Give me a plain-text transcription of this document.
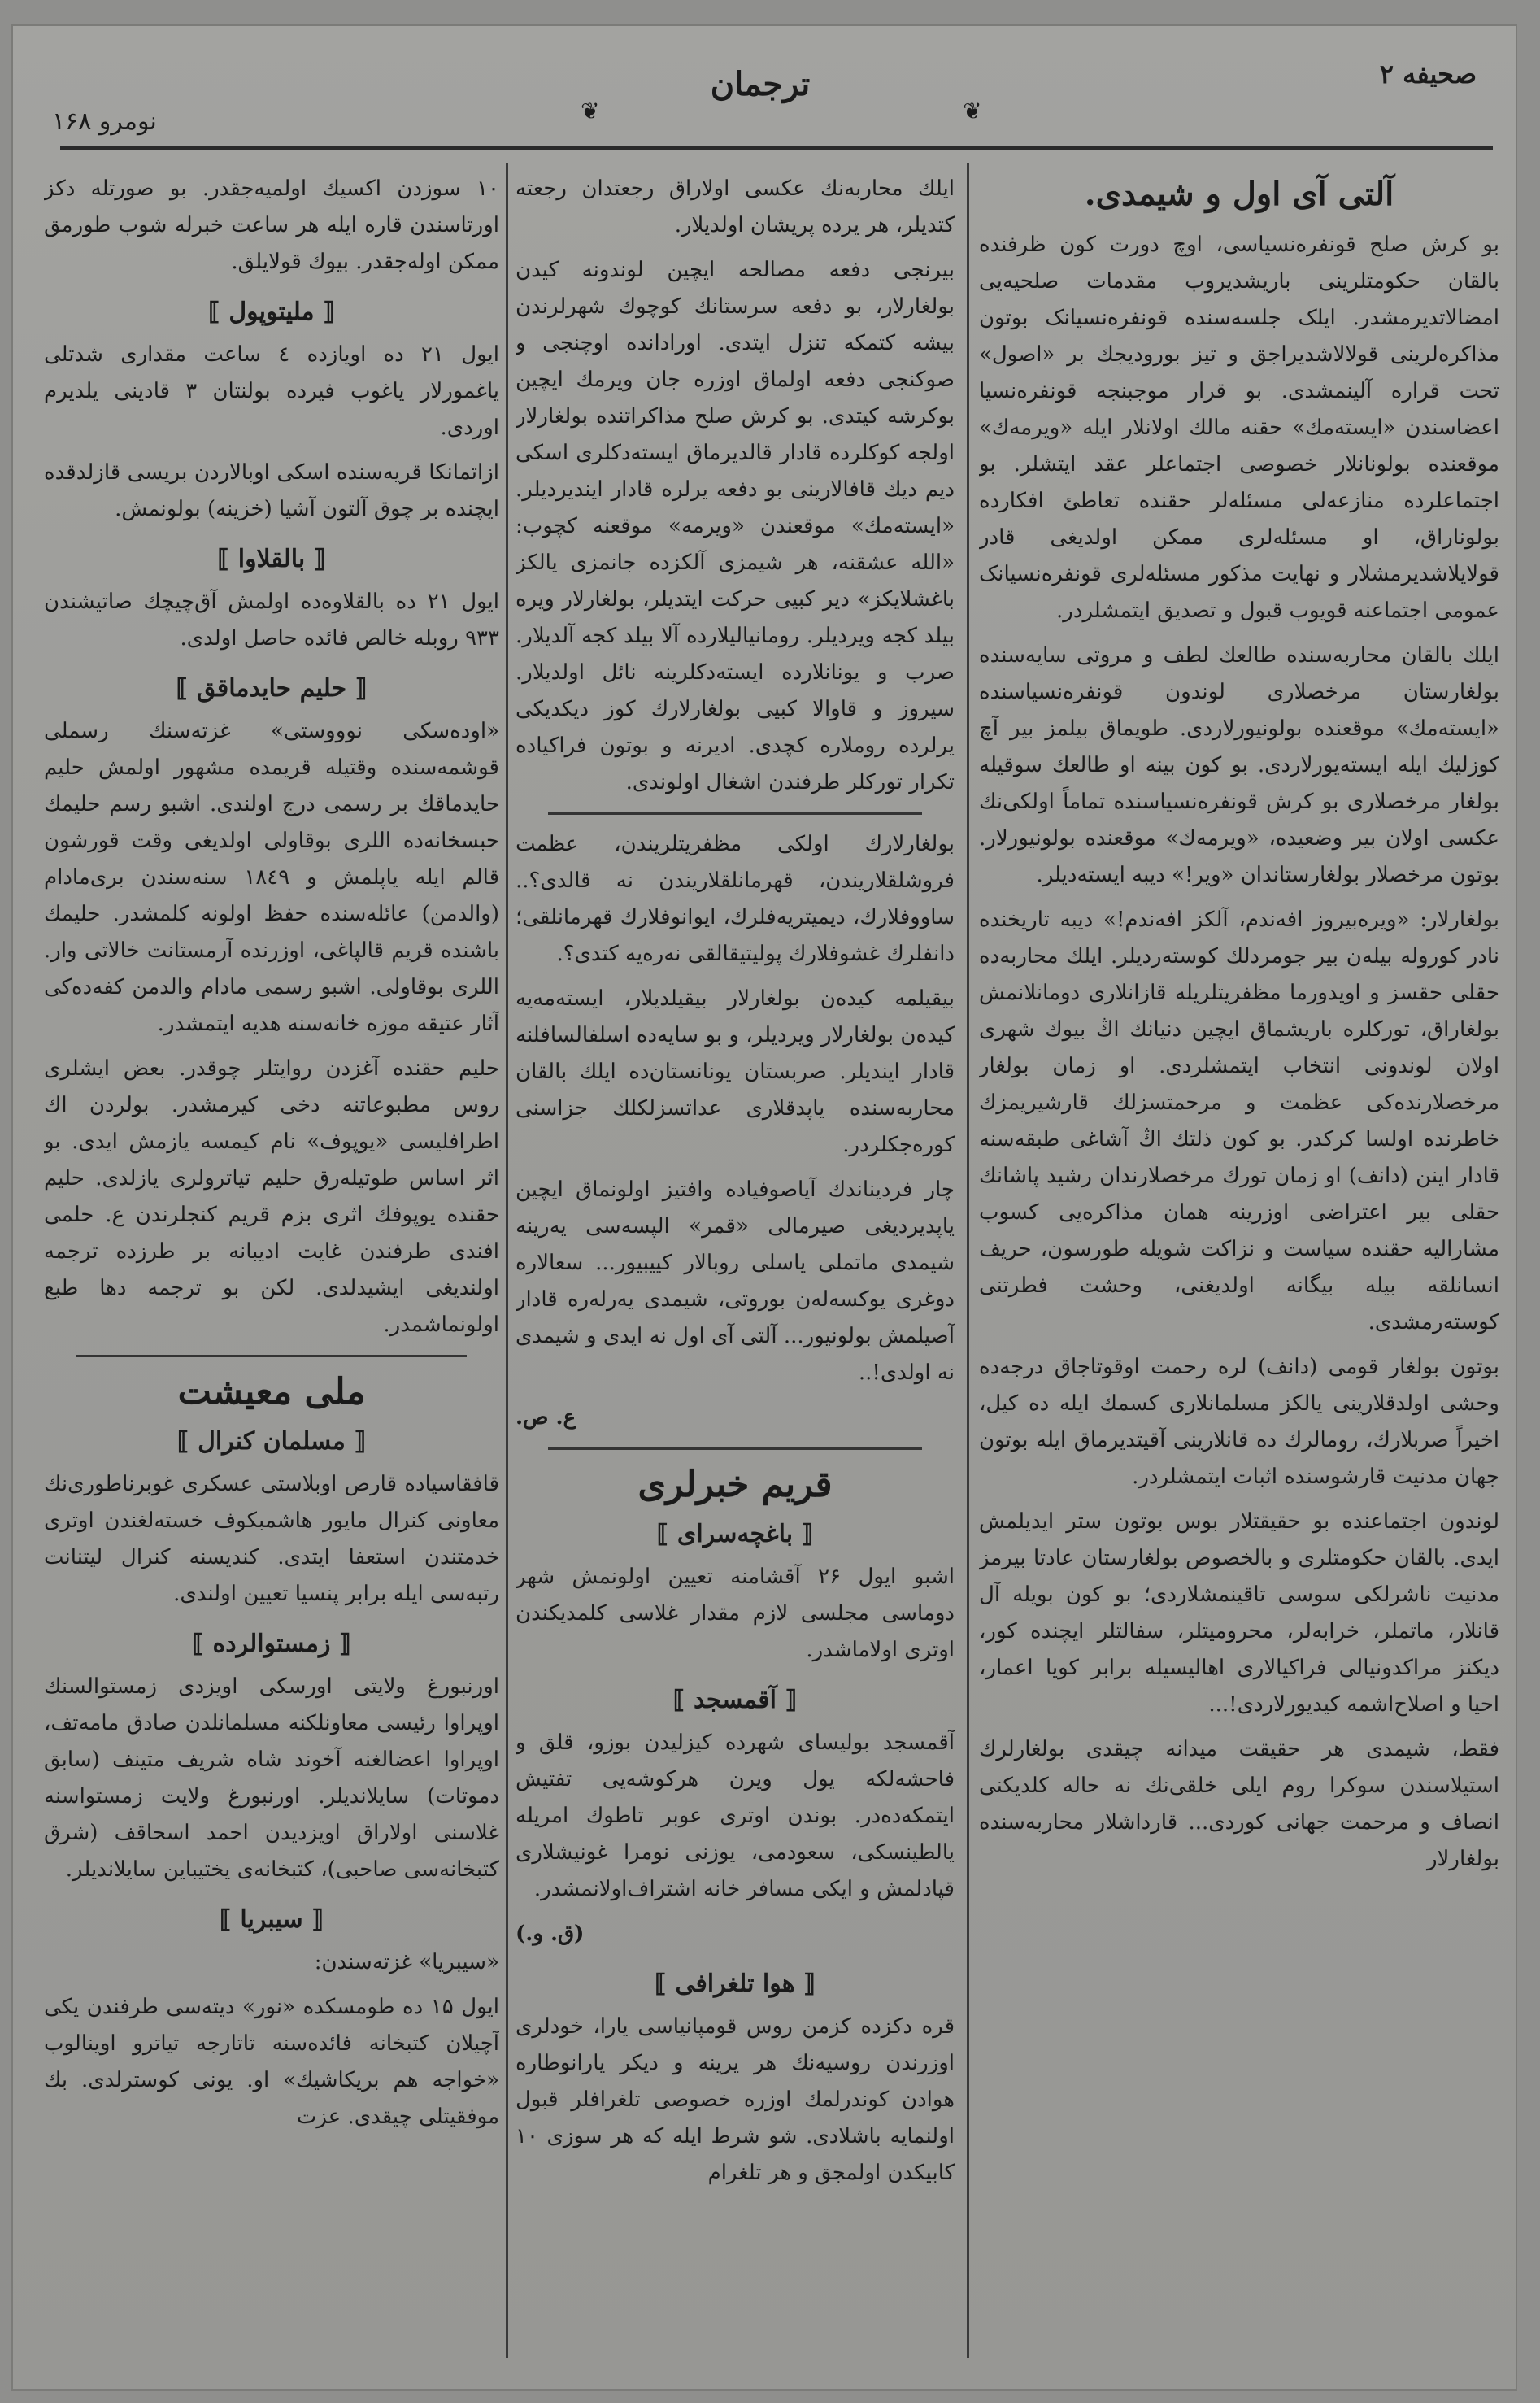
نومرو ۱۶۸	❦
ترجمان
❦
صحیفه ۲
آلتی آی اول و شیمدی.

بو کرش صلح قونفره‌نسیاسی، اوچ دورت کون ظرفنده بالقان حکومتلرینی باریشدیروب مقدمات صلحیه‌یی امضالاتدیرمشدر. ایلک جلسه‌سنده قونفره‌نسیانک بوتون مذاکره‌لرینی قولالاشدیراجق و تیز بورودیجك بر «اصول» تحت قراره آلینمشدی. بو قرار موجبنجه قونفره‌نسیا اعضاسندن «ایسته‌مك» حقنه مالك اولانلار ایله «ویرمه‌ك» موقعنده بولونانلار خصوصی اجتماعلر عقد ایتشلر. بو اجتماعلرده منازعه‌لی مسئله‌لر حقنده تعاطئ افکارده بولوناراق، او مسئله‌لری ممکن اولدیغی قادر قولایلاشدیرمشلار و نهایت مذکور مسئله‌لری قونفره‌نسیانک عمومی اجتماعنه قویوب قبول و تصدیق ایتمشلردر.

ایلك بالقان محاربه‌سنده طالعك لطف و مروتی سایه‌سنده بولغارستان مرخصلاری لوندون قونفره‌نسیاسنده «ایسته‌مك» موقعنده بولونیورلاردی. طویماق بیلمز بیر آچ کوزلیك ایله ایسته‌یورلاردی. بو کون بینه او طالعك سوقیله بولغار مرخصلاری بو کرش قونفره‌نسیاسنده تماماً اولکی‌نك عکسی اولان بیر وضعیده، «ویرمه‌ك» موقعنده بولونیورلار. بوتون مرخصلار بولغارستاندان «ویر!» دیبه ایسته‌دیلر.

بولغارلار: «ویره‌بیروز افه‌ندم، آلکز افه‌ندم!» دیبه تاریخنده نادر کوروله بیلەن بیر جومردلك کوسته‌ردیلر. ایلك محاربه‌ده حقلی حقسز و اویدورما مظفریتلریله قازانلاری دومانلانمش بولغاراق، تورکلره باریشماق ایچین دنیانك اڭ بیوك شهری اولان لوندونی انتخاب ایتمشلردی. او زمان بولغار مرخصلارنده‌کی عظمت و مرحمتسزلك قارشیریمزك خاطرنده اولسا کرکدر. بو کون ذلتك اڭ آشاغی طبقه‌سنه قادار اینن (دانف) او زمان تورك مرخصلارندان رشید پاشانك حقلی بیر اعتراضی اوزرینه همان مذاکره‌یی کسوب مشارالیه حقنده سیاست و نزاکت شویله طورسون، حریف انسانلقه بیله بیگانه اولدیغنی، وحشت فطرتنی کوسته‌رمشدی.

بوتون بولغار قومی (دانف) لره رحمت اوقوتاجاق درجه‌ده وحشی اولدقلارینی یالکز مسلمانلاری کسمك ایله ده کیل، اخیراً صربلارك، رومالرك ده قانلارینی آقیتدیرماق ایله بوتون جهان مدنیت قارشوسنده اثبات ایتمشلردر.

لوندون اجتماعنده بو حقیقتلار بوس بوتون ستر ایدیلمش ایدی. بالقان حکومتلری و بالخصوص بولغارستان عادتا بیرمز مدنیت ناشرلکی سوسی تاقینمشلاردی؛ بو کون بویله آل قانلار، ماتملر، خرابه‌لر، محرومیتلر، سفالتلر ایچنده کور، دیکنز مراکدونیالی فراکیالاری اهالیسیله برابر کویا اعمار، احیا و اصلاح‌اشمه کیدیورلاردی!...

فقط، شیمدی هر حقیقت میدانه چیقدی بولغارلرك استیلاسندن سوکرا روم ایلی خلقی‌نك نه حاله کلدیکنی انصاف و مرحمت جهانی کوردی... قارداشلار محاربه‌سنده بولغارلار

ایلك محاربه‌نك عکسی اولاراق رجعتدان رجعته کتدیلر، هر یرده پریشان اولدیلار.

بیرنجی دفعه مصالحه ایچین لوندونه کیدن بولغارلار، بو دفعه سرستانك کوچوك شهرلرندن بیشه کتمکه تنزل ایتدی. اورادانده اوچنجی و صوکنجی دفعه اولماق اوزره جان ویرمك ایچین بوکرشه کیتدی. بو کرش صلح مذاکراتنده بولغارلار اولجه کوکلرده قادار قالدیرماق ایسته‌دکلری اسکی دیم دیك قافالارینی بو دفعه یرلره قادار ایندیردیلر. «ایسته‌مك» موقعندن «ویرمه» موقعنه کچوب: «الله عشقنه، هر شیمزی آلکزده جانمزی یالکز باغشلایکز» دیر کبیی حرکت ایتدیلر، بولغارلار ویره بیلد کجه ویردیلر. رومانیالیلارده آلا بیلد کجه آلدیلار. صرب و یونانلارده ایسته‌دکلرینه نائل اولدیلار. سیروز و قاوالا کبیی بولغارلارك کوز دیکدیکی یرلرده روملاره کچدی. ادیرنه و بوتون فراکیاده تکرار تورکلر طرفندن اشغال اولوندی.

بولغارلارك اولکی مظفریتلریندن، عظمت فروشلقلاریندن، قهرمانلقلاریندن نه قالدی؟.. ساووفلارك، دیمیتریه‌فلرك، ایوانوفلارك قهرمانلقی؛ دانفلرك غشوفلارك پولیتیقالقی نه‌ره‌یه کتدی؟.

بیقیلمه کیدەن بولغارلار بیقیلدیلار، ایسته‌مه‌یه کیدەن بولغارلار ویردیلر، و بو سایه‌ده اسلفالسافلنه قادار ایندیلر. صربستان یونانستان‌ده ایلك بالقان محاربه‌سنده یاپدقلاری عداتسزلکلك جزاسنی کوره‌جکلردر.

چار فردیناندك آیاصوفیاده وافتیز اولونماق ایچین یاپدیردیغی صیرمالی «قمر» الپسه‌سی یه‌رینه شیمدی ماتملی یاسلی روبالار کییبیور... سعالاره دوغری یوکسه‌لەن بوروتی، شیمدی یەرلەره قادار آصیلمش بولونیور... آلتی آی اول نه ایدی و شیمدی نه اولدی!..

ع. ص.

قریم خبرلری
⟦ باغچه‌سرای ⟧

اشبو ایول ۲۶ آقشامنه تعیین اولونمش شهر دوماسی مجلسی لازم مقدار غلاسی کلمدیکندن اوتری اولاماشدر.

⟦ آقمسجد ⟧

آقمسجد بولیسای شهرده کیزلیدن بوزو، قلق و فاحشه‌لکه یول ویرن هرکوشه‌یی تفتیش ایتمکه‌ده‌در. بوندن اوتری عوبر تاطوك امریله یالطینسکی، سعودمی، یوزنی نومرا غونیشلاری قپادلمش و ایکی مسافر خانه اشتراف‌اولانمشدر.

(ق. و.)

⟦ هوا تلغرافی ⟧

قره دکزده کزمن روس قومپانیاسی یارا، خودلری اوزرندن روسیه‌نك هر یرینه و دیکر یارانوطاره هوادن کوندرلمك اوزره خصوصی تلغرافلر قبول اولنمایه باشلادی. شو شرط ایله که هر سوزی ۱۰ کابیکدن اولمجق و هر تلغرام

۱۰ سوزدن اکسیك اولمیه‌جقدر. بو صورتله دکز اورتاسندن قاره ایله هر ساعت خبرله شوب طورمق ممکن اوله‌جقدر. بیوك قولایلق.

⟦ ملیتوپول ⟧

ایول ۲۱ ده اویازده ٤ ساعت مقداری شدتلی یاغمورلار یاغوب فیرده بولنتان ۳ قادینی یلدیرم اوردی.

ازاتمانکا قریه‌سنده اسکی اوبالاردن بریسی قازلدقده ایچنده بر چوق آلتون آشیا (خزینه) بولونمش.

⟦ بالقلاوا ⟧

ایول ۲۱ ده بالقلاوه‌ده اولمش آق‌چیچك صاتیشندن ۹۳۳ روبله خالص فائده حاصل اولدی.

⟦ حلیم حایدماقق ⟧

«اوده‌سکی نوووستی» غزته‌سنك رسملی قوشمه‌سنده وقتیله قریمده مشهور اولمش حلیم حایدماقك بر رسمی درج اولندی. اشبو رسم حلیمك حبسخانه‌ده اللری بوقاولی اولدیغی وقت قورشون قالم ایله یاپلمش و ۱۸٤۹ سنه‌سندن بری‌مادام (والدمن) عائله‌سنده حفظ اولونه کلمشدر. حلیمك باشنده قریم قالپاغی، اوزرنده آرمستانت خالاتی وار. اللری بوقاولی. اشبو رسمی مادام والدمن کفه‌ده‌کی آثار عتیقه موزه خانه‌سنه هدیه ایتمشدر.

حلیم حقنده آغزدن روایتلر چوقدر. بعض ایشلری روس مطبوعاتنه دخی کیرمشدر. بولردن اك اطرافلیسی «یوپوف» نام کیمسه یازمش ایدی. بو اثر اساس طوتیله‌رق حلیم تیاترولری یازلدی. حلیم حقنده یوپوفك اثری بزم قریم کنجلرندن ع. حلمی افندی طرفندن غایت ادیبانه بر طرزده ترجمه اولندیغی ایشیدلدی. لکن بو ترجمه دها طبع اولونماشمدر.

ملی معیشت
⟦ مسلمان کنرال ⟧

قافقاسیاده قارص اوبلاستی عسکری غوبرناطوری‌نك معاونی کنرال مایور هاشمبکوف خسته‌لغندن اوتری خدمتندن استعفا ایتدی. کندیسنه کنرال لیتنانت رتبه‌سی ایله برابر پنسیا تعیین اولندی.

⟦ زمستوالرده ⟧

اورنبورغ ولایتی اورسکی اویزدی زمستوالسنك اوپراوا رئیسی معاونلکنه مسلمانلدن صادق مامه‌تف، اوپراوا اعضالغنه آخوند شاه شریف متینف (سابق دموتات) سایلاندیلر. اورنبورغ ولایت زمستواسنه غلاسنی اولاراق اویزدیدن احمد اسحاقف (شرق کتبخانه‌سی صاحبی)، کتبخانه‌ی یختیباین سایلاندیلر.

⟦ سیبریا ⟧

«سیبریا» غزته‌سندن:

ایول ۱۵ ده طومسکده «نور» دیته‌سی طرفندن یکی آچیلان کتبخانه فائده‌سنه تاتارجه تیاترو اوینالوب «خواجه هم بریکاشیك» او. یونی کوسترلدی. بك موفقیتلی چیقدی. عزت
